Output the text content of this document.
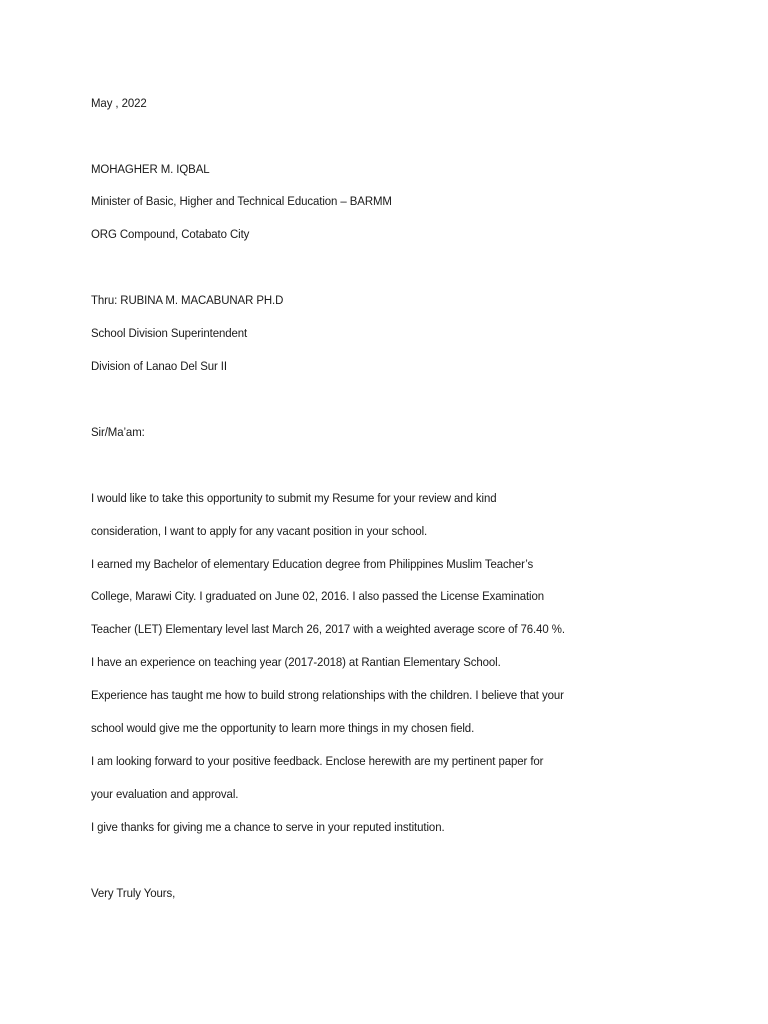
May , 2022
MOHAGHER M. IQBAL
Minister of Basic, Higher and Technical Education – BARMM
ORG Compound, Cotabato City
Thru: RUBINA M. MACABUNAR PH.D
School Division Superintendent
Division of Lanao Del Sur II
Sir/Ma’am:
I would like to take this opportunity to submit my Resume for your review and kind
consideration, I want to apply for any vacant position in your school.
I earned my Bachelor of elementary Education degree from Philippines Muslim Teacher’s
College, Marawi City. I graduated on June 02, 2016. I also passed the License Examination
Teacher (LET) Elementary level last March 26, 2017 with a weighted average score of 76.40 %.
I have an experience on teaching year (2017-2018) at Rantian Elementary School.
Experience has taught me how to build strong relationships with the children. I believe that your
school would give me the opportunity to learn more things in my chosen field.
I am looking forward to your positive feedback. Enclose herewith are my pertinent paper for
your evaluation and approval.
I give thanks for giving me a chance to serve in your reputed institution.
Very Truly Yours,
